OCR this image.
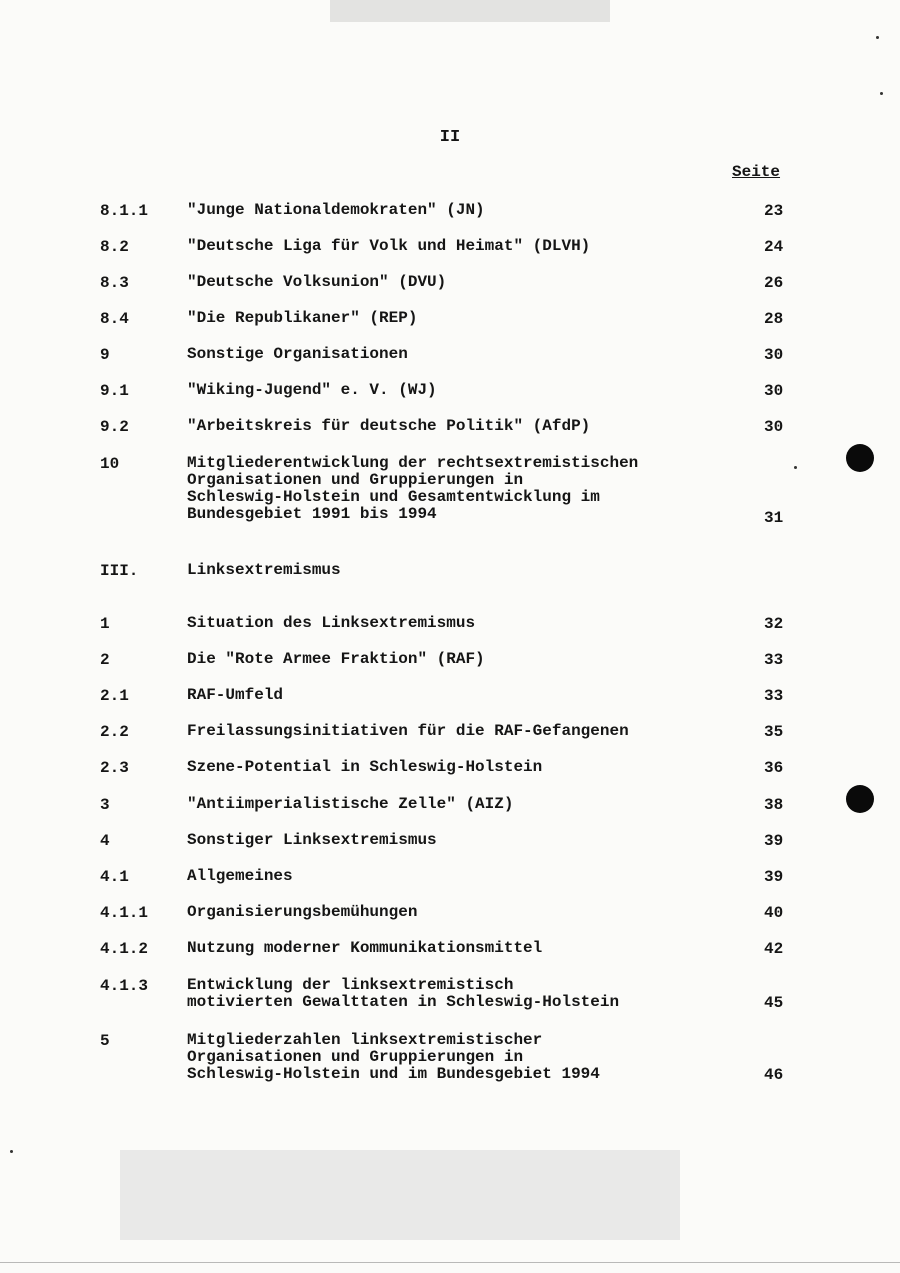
II
Seite
8.1.1 "Junge Nationaldemokraten" (JN)	23
8.2	"Deutsche Liga für Volk und Heimat" (DLVH)	24
8.3	"Deutsche Volksunion" (DVU)	26
8.4	"Die Republikaner" (REP)	28
9	Sonstige Organisationen	30
9.1	"Wiking-Jugend" e. V. (WJ)	30
9.2	"Arbeitskreis für deutsche Politik" (AfdP)	30
10	Mitgliederentwicklung der rechtsextremistischen
Organisationen und Gruppierungen in
Schleswig-Holstein und Gesamtentwicklung im
Bundesgebiet 1991 bis 1994	31
III.	Linksextremismus
1	Situation des Linksextremismus	32
2	Die "Rote Armee Fraktion" (RAF)	33
2.1	RAF-Umfeld	33
2.2	Freilassungsinitiativen für die RAF-Gefangenen	35
2.3	Szene-Potential in Schleswig-Holstein	36
3	"Antiimperialistische Zelle" (AIZ)	38
4	Sonstiger Linksextremismus	39
4.1	Allgemeines	39
4.1.1 Organisierungsbemühungen	40
4.1.2 Nutzung moderner Kommunikationsmittel	42
4.1.3 Entwicklung der linksextremistisch
motivierten Gewalttaten in Schleswig-Holstein	45
5	Mitgliederzahlen linksextremistischer
Organisationen und Gruppierungen in
Schleswig-Holstein und im Bundesgebiet 1994	46
